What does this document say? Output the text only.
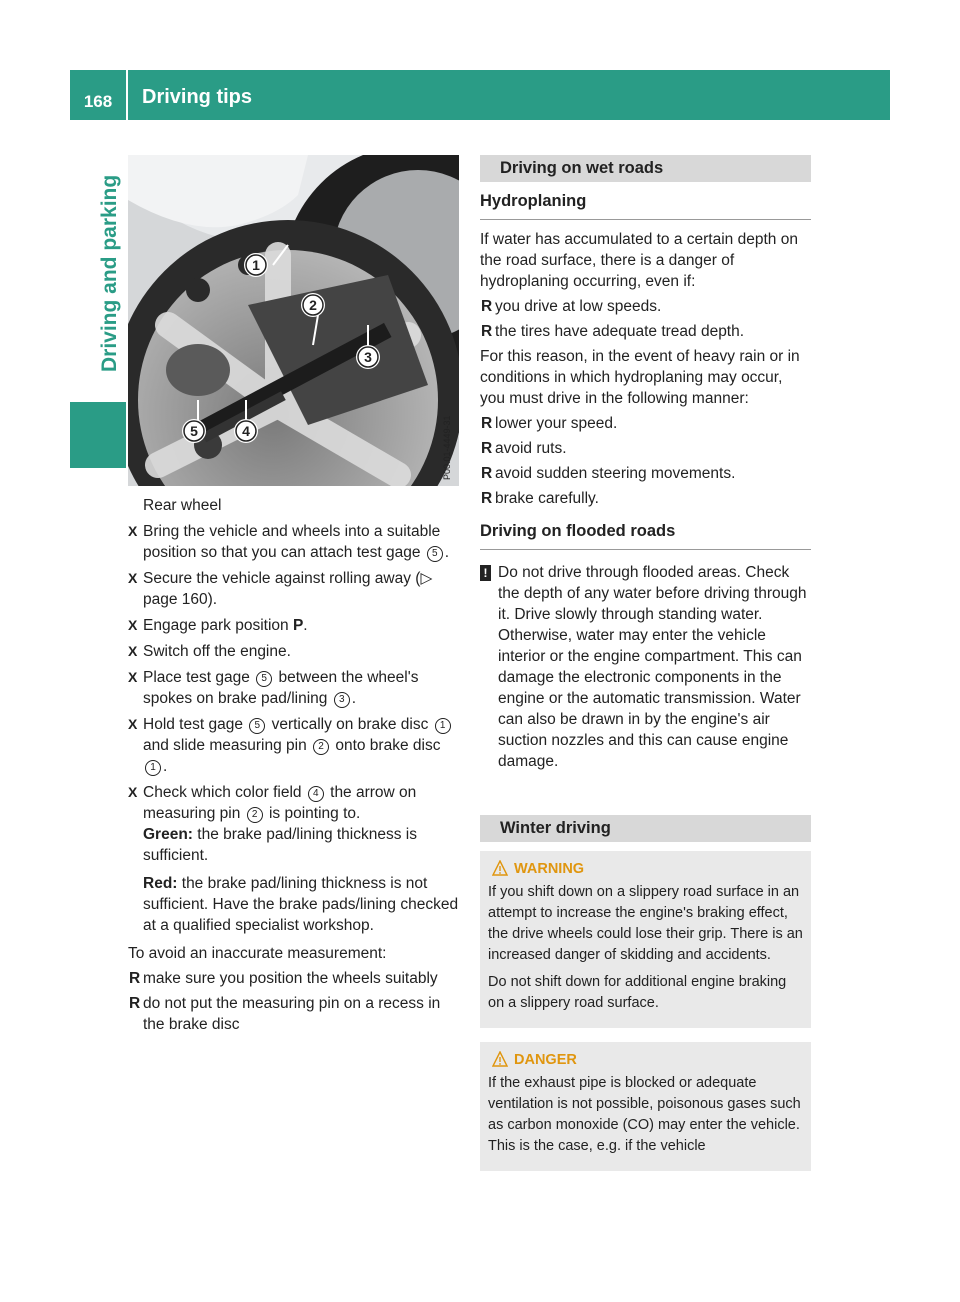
168	Driving tips
Driving and parking	1
2
3
4
5	P00.01-4449-31
Rear wheel
X Bring the vehicle and wheels into a suitable position so that you can attach test gage 5 .
X Secure the vehicle against rolling away (▷ page 160).
X Engage park position P.
X Switch off the engine.
X Place test gage 5 between the wheel's spokes on brake pad/lining 3 .
X Hold test gage 5 vertically on brake disc 1 and slide measuring pin 2 onto brake disc 1 .
X Check which color field 4 the arrow on measuring pin 2 is pointing to.
Green: the brake pad/lining thickness is sufficient.
Red: the brake pad/lining thickness is not sufficient. Have the brake pads/lining checked at a qualified specialist workshop.
To avoid an inaccurate measurement:
R make sure you position the wheels suitably
R do not put the measuring pin on a recess in the brake disc
Driving on wet roads
Hydroplaning
If water has accumulated to a certain depth on the road surface, there is a danger of hydroplaning occurring, even if:
R you drive at low speeds.
R the tires have adequate tread depth.
For this reason, in the event of heavy rain or in conditions in which hydroplaning may occur, you must drive in the following manner:
R lower your speed.
R avoid ruts.
R avoid sudden steering movements.
R brake carefully.
Driving on flooded roads
! Do not drive through flooded areas. Check the depth of any water before driving through it. Drive slowly through standing water. Otherwise, water may enter the vehicle interior or the engine compartment. This can damage the electronic components in the engine or the automatic transmission. Water can also be drawn in by the engine's air suction nozzles and this can cause engine damage.
Winter driving
WARNING

If you shift down on a slippery road surface in an attempt to increase the engine's braking effect, the drive wheels could lose their grip. There is an increased danger of skidding and accidents.

Do not shift down for additional engine braking on a slippery road surface.

DANGER

If the exhaust pipe is blocked or adequate ventilation is not possible, poisonous gases such as carbon monoxide (CO) may enter the vehicle. This is the case, e.g. if the vehicle
